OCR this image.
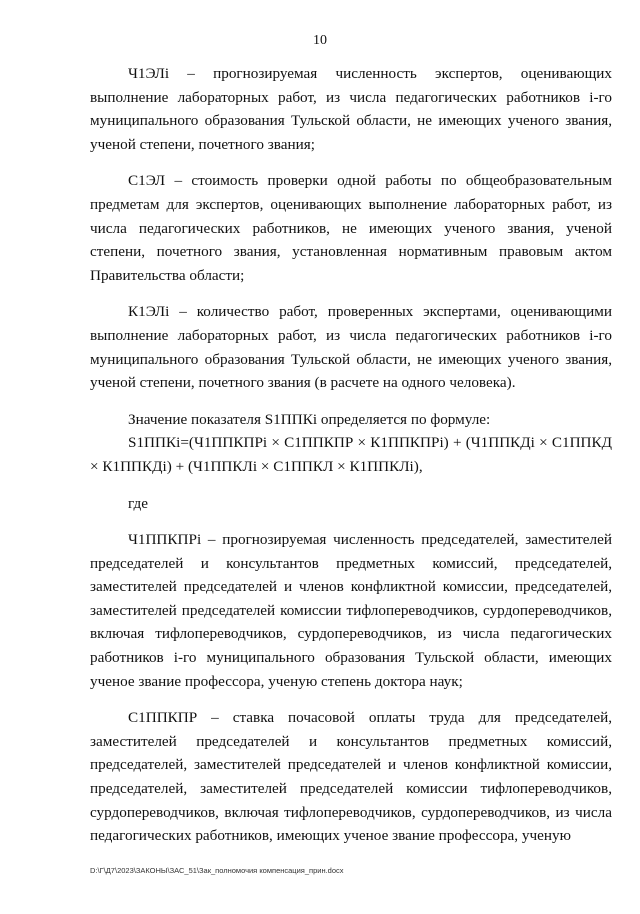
10

Ч1ЭЛi – прогнозируемая численность экспертов, оценивающих выполнение лабораторных работ, из числа педагогических работников i-го муниципального образования Тульской области, не имеющих ученого звания, ученой степени, почетного звания;

С1ЭЛ – стоимость проверки одной работы по общеобразовательным предметам для экспертов, оценивающих выполнение лабораторных работ, из числа педагогических работников, не имеющих ученого звания, ученой степени, почетного звания, установленная нормативным правовым актом Правительства области;

К1ЭЛi – количество работ, проверенных экспертами, оценивающими выполнение лабораторных работ, из числа педагогических работников i-го муниципального образования Тульской области, не имеющих ученого звания, ученой степени, почетного звания (в расчете на одного человека).

Значение показателя S1ППКi определяется по формуле:

S1ППКi=(Ч1ППКПРi × С1ППКПР × К1ППКПРi) + (Ч1ППКДi × С1ППКД × К1ППКДi) + (Ч1ППКЛi × С1ППКЛ × К1ППКЛi),

где

Ч1ППКПРi – прогнозируемая численность председателей, заместителей председателей и консультантов предметных комиссий, председателей, заместителей председателей и членов конфликтной комиссии, председателей, заместителей председателей комиссии тифлопереводчиков, сурдопереводчиков, включая тифлопереводчиков, сурдопереводчиков, из числа педагогических работников i-го муниципального образования Тульской области, имеющих ученое звание профессора, ученую степень доктора наук;

С1ППКПР – ставка почасовой оплаты труда для председателей, заместителей председателей и консультантов предметных комиссий, председателей, заместителей председателей и членов конфликтной комиссии, председателей, заместителей председателей комиссии тифлопереводчиков, сурдопереводчиков, включая тифлопереводчиков, сурдопереводчиков, из числа педагогических работников, имеющих ученое звание профессора, ученую

D:\Г\Д7\2023\ЗАКОНЫ\ЗАС_51\Зак_полномочия компенсация_прин.docx
